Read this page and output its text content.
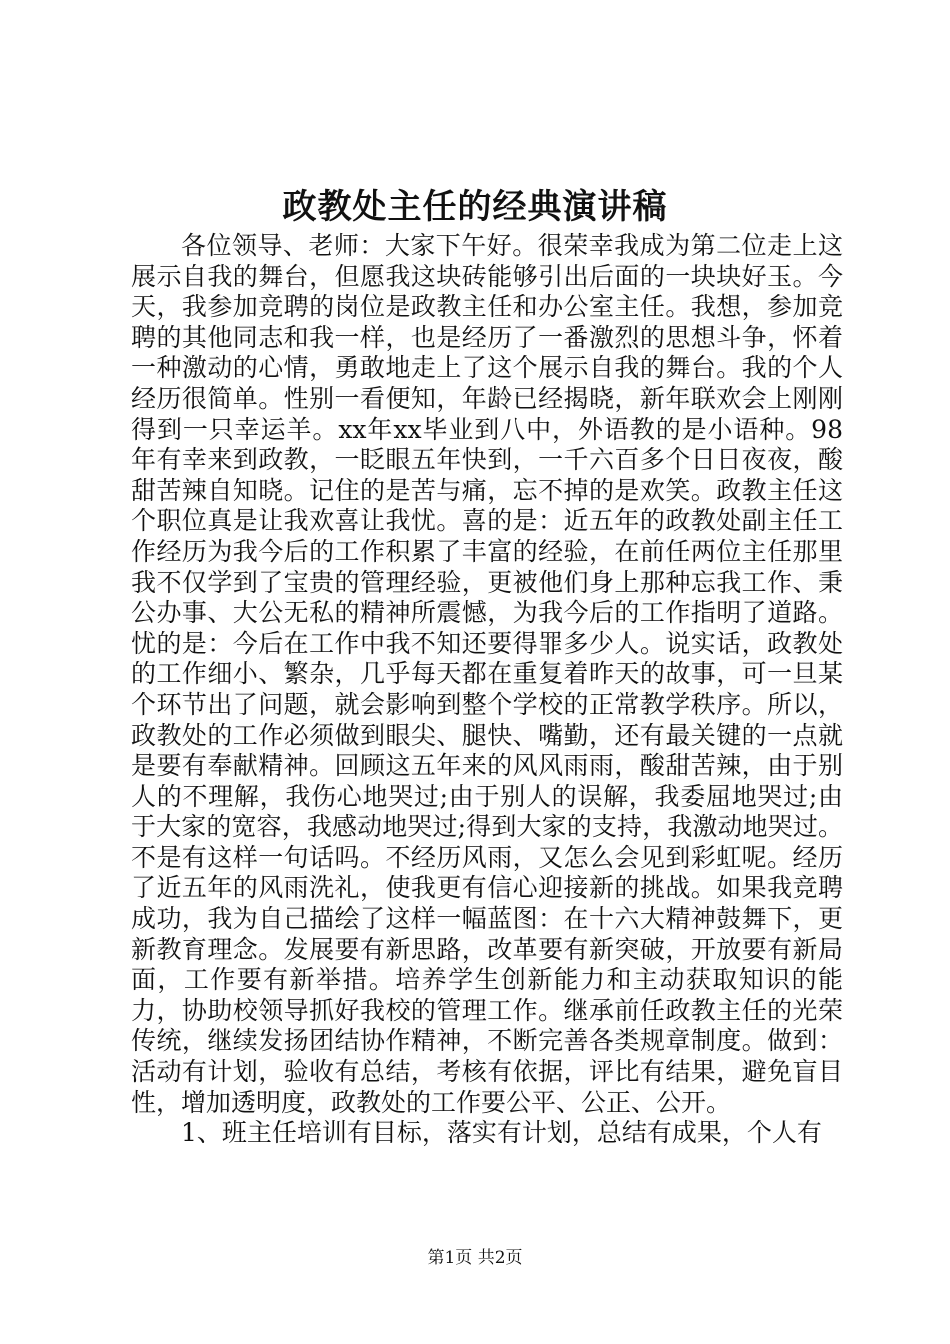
政教处主任的经典演讲稿

各位领导、老师：大家下午好。很荣幸我成为第二位走上这展示自我的舞台，但愿我这块砖能够引出后面的一块块好玉。今天，我参加竞聘的岗位是政教主任和办公室主任。我想，参加竞聘的其他同志和我一样，也是经历了一番激烈的思想斗争，怀着一种激动的心情，勇敢地走上了这个展示自我的舞台。我的个人经历很简单。性别一看便知，年龄已经揭晓，新年联欢会上刚刚得到一只幸运羊。xx年xx毕业到八中，外语教的是小语种。98年有幸来到政教，一眨眼五年快到，一千六百多个日日夜夜，酸甜苦辣自知晓。记住的是苦与痛，忘不掉的是欢笑。政教主任这个职位真是让我欢喜让我忧。喜的是：近五年的政教处副主任工作经历为我今后的工作积累了丰富的经验，在前任两位主任那里我不仅学到了宝贵的管理经验，更被他们身上那种忘我工作、秉公办事、大公无私的精神所震憾，为我今后的工作指明了道路。忧的是：今后在工作中我不知还要得罪多少人。说实话，政教处的工作细小、繁杂，几乎每天都在重复着昨天的故事，可一旦某个环节出了问题，就会影响到整个学校的正常教学秩序。所以，政教处的工作必须做到眼尖、腿快、嘴勤，还有最关键的一点就是要有奉献精神。回顾这五年来的风风雨雨，酸甜苦辣，由于别人的不理解，我伤心地哭过;由于别人的误解，我委屈地哭过;由于大家的宽容，我感动地哭过;得到大家的支持，我激动地哭过。不是有这样一句话吗。不经历风雨，又怎么会见到彩虹呢。经历了近五年的风雨洗礼，使我更有信心迎接新的挑战。如果我竞聘成功，我为自己描绘了这样一幅蓝图：在十六大精神鼓舞下，更新教育理念。发展要有新思路，改革要有新突破，开放要有新局面，工作要有新举措。培养学生创新能力和主动获取知识的能力，协助校领导抓好我校的管理工作。继承前任政教主任的光荣传统，继续发扬团结协作精神，不断完善各类规章制度。做到：活动有计划，验收有总结，考核有依据，评比有结果，避免盲目性，增加透明度，政教处的工作要公平、公正、公开。

1、班主任培训有目标，落实有计划，总结有成果，个人有

第1页 共2页
